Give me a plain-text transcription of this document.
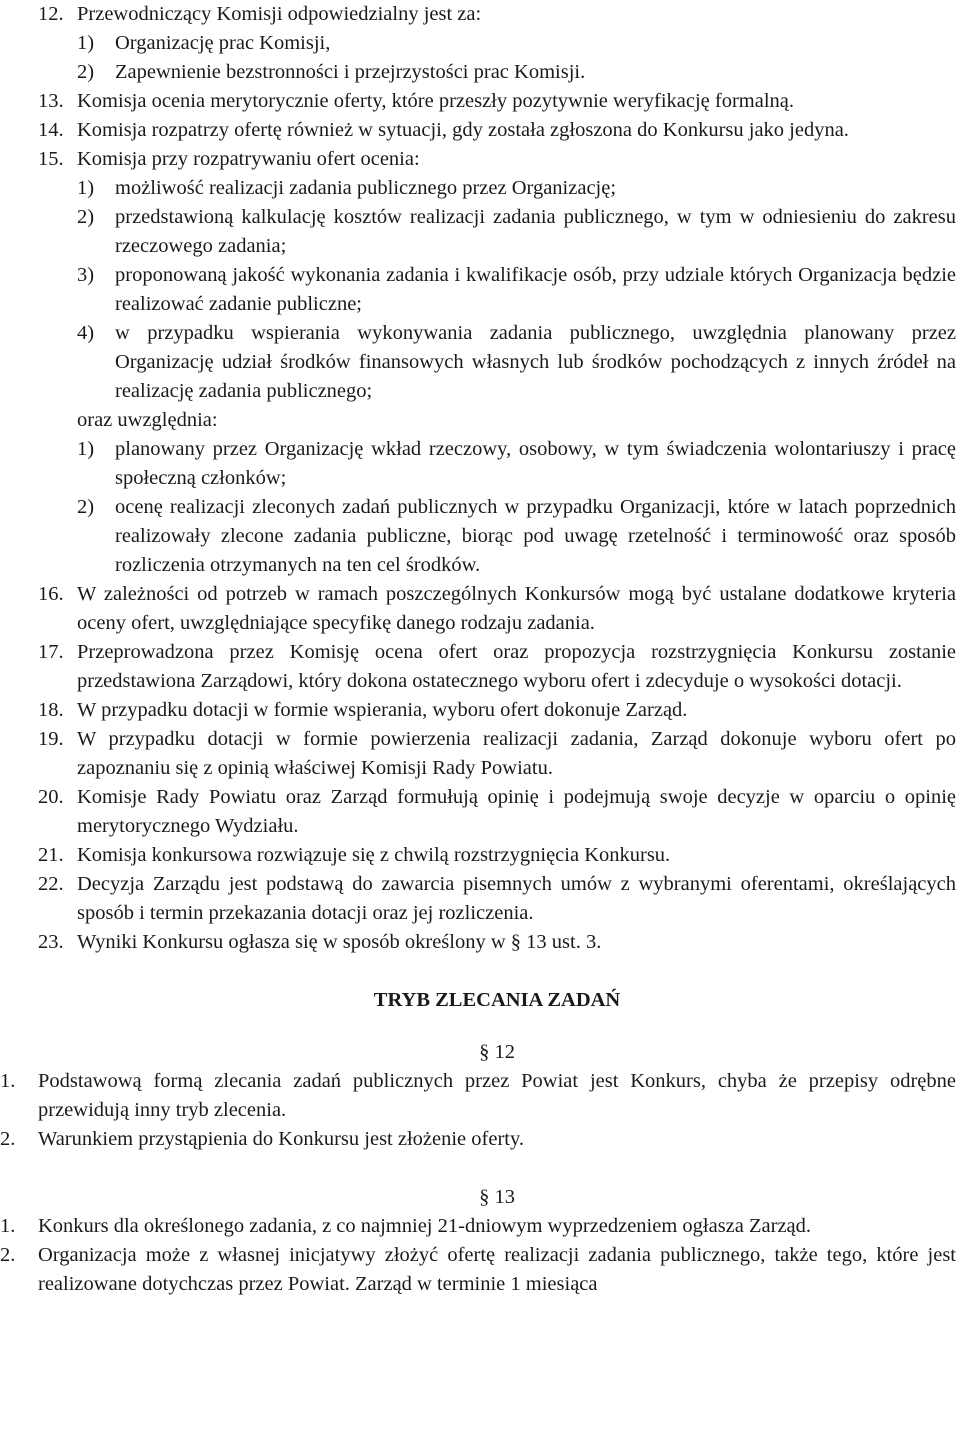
12. Przewodniczący Komisji odpowiedzialny jest za:
1)	Organizację prac Komisji,
2)	Zapewnienie bezstronności i przejrzystości prac Komisji.
13. Komisja ocenia merytorycznie oferty, które przeszły pozytywnie weryfikację formalną.
14. Komisja rozpatrzy ofertę również w sytuacji, gdy została zgłoszona do Konkursu jako jedyna.
15. Komisja przy rozpatrywaniu ofert ocenia:
1)	możliwość realizacji zadania publicznego przez Organizację;
2)	przedstawioną kalkulację kosztów realizacji zadania publicznego, w tym w odniesieniu do zakresu rzeczowego zadania;
3)	proponowaną jakość wykonania zadania i kwalifikacje osób, przy udziale których Organizacja będzie realizować zadanie publiczne;
4)	w przypadku wspierania wykonywania zadania publicznego, uwzględnia planowany przez Organizację udział środków finansowych własnych lub środków pochodzących z innych źródeł na realizację zadania publicznego;
oraz uwzględnia:
1)	planowany przez Organizację wkład rzeczowy, osobowy, w tym świadczenia wolontariuszy i pracę społeczną członków;
2)	ocenę realizacji zleconych zadań publicznych w przypadku Organizacji, które w latach poprzednich realizowały zlecone zadania publiczne, biorąc pod uwagę rzetelność i terminowość oraz sposób rozliczenia otrzymanych na ten cel środków.
16. W zależności od potrzeb w ramach poszczególnych Konkursów mogą być ustalane dodatkowe kryteria oceny ofert, uwzględniające specyfikę danego rodzaju zadania.
17. Przeprowadzona przez Komisję ocena ofert oraz propozycja rozstrzygnięcia Konkursu zostanie przedstawiona Zarządowi, który dokona ostatecznego wyboru ofert i zdecyduje o wysokości dotacji.
18. W przypadku dotacji w formie wspierania, wyboru ofert dokonuje Zarząd.
19. W przypadku dotacji w formie powierzenia realizacji zadania, Zarząd dokonuje wyboru ofert po zapoznaniu się z opinią właściwej Komisji Rady Powiatu.
20. Komisje Rady Powiatu oraz Zarząd formułują opinię i podejmują swoje decyzje w oparciu o opinię merytorycznego Wydziału.
21. Komisja konkursowa rozwiązuje się z chwilą rozstrzygnięcia Konkursu.
22. Decyzja Zarządu jest podstawą do zawarcia pisemnych umów z wybranymi oferentami, określających sposób i termin przekazania dotacji oraz jej rozliczenia.
23. Wyniki Konkursu ogłasza się w sposób określony w § 13 ust. 3.
TRYB ZLECANIA ZADAŃ
§ 12
1.	Podstawową formą zlecania zadań publicznych przez Powiat jest Konkurs, chyba że przepisy odrębne przewidują inny tryb zlecenia.
2.	Warunkiem przystąpienia do Konkursu jest złożenie oferty.
§ 13
1.	Konkurs dla określonego zadania, z co najmniej 21-dniowym wyprzedzeniem ogłasza Zarząd.
2.	Organizacja może z własnej inicjatywy złożyć ofertę realizacji zadania publicznego, także tego, które jest realizowane dotychczas przez Powiat. Zarząd w terminie 1 miesiąca
